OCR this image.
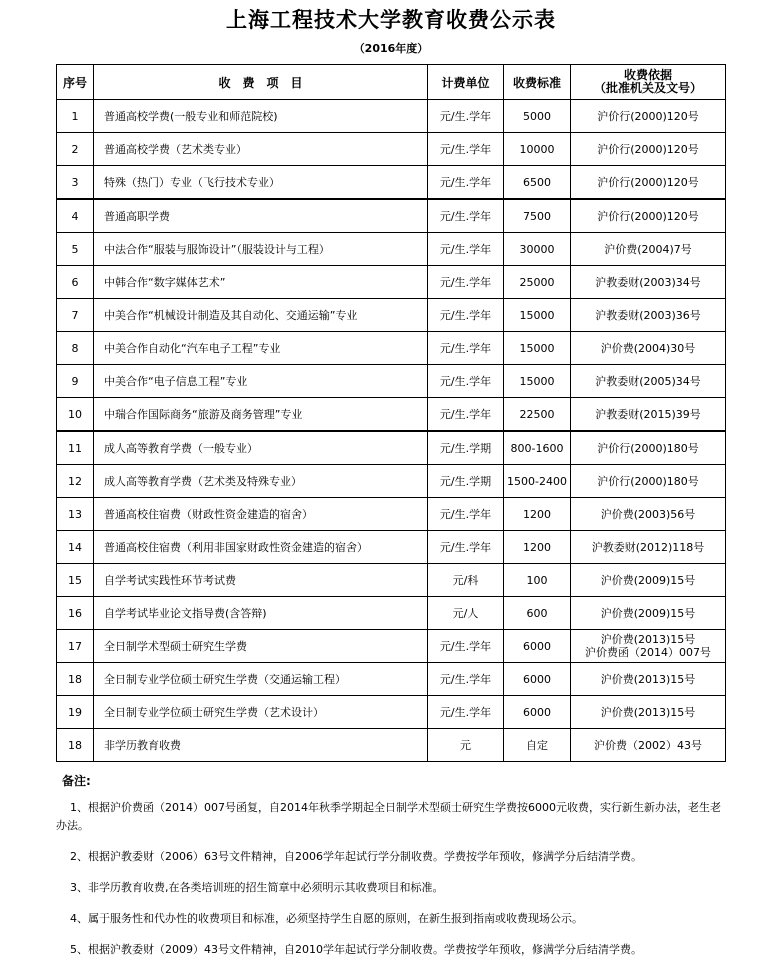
上海工程技术大学教育收费公示表
（2016年度）
序号	收　费　项　目	计费单位	收费标准	收费依据
（批准机关及文号）

1	普通高校学费(一般专业和师范院校)	元/生.学年	5000	沪价行(2000)120号

2	普通高校学费（艺术类专业）	元/生.学年	10000	沪价行(2000)120号

3	特殊（热门）专业（飞行技术专业）	元/生.学年	6500	沪价行(2000)120号

4	普通高职学费	元/生.学年	7500	沪价行(2000)120号

5	中法合作“服装与服饰设计”（服装设计与工程）	元/生.学年	30000	沪价费(2004)7号

6	中韩合作“数字媒体艺术”	元/生.学年	25000	沪教委财(2003)34号

7	中美合作“机械设计制造及其自动化、交通运输”专业	元/生.学年	15000	沪教委财(2003)36号

8	中美合作自动化“汽车电子工程”专业	元/生.学年	15000	沪价费(2004)30号

9	中美合作“电子信息工程”专业	元/生.学年	15000	沪教委财(2005)34号

10	中瑞合作国际商务“旅游及商务管理”专业	元/生.学年	22500	沪教委财(2015)39号

11	成人高等教育学费（一般专业）	元/生.学期	800-1600	沪价行(2000)180号

12	成人高等教育学费（艺术类及特殊专业）	元/生.学期	1500-2400	沪价行(2000)180号

13	普通高校住宿费（财政性资金建造的宿舍）	元/生.学年	1200	沪价费(2003)56号

14	普通高校住宿费（利用非国家财政性资金建造的宿舍）	元/生.学年	1200	沪教委财(2012)118号

15	自学考试实践性环节考试费	元/科	100	沪价费(2009)15号

16	自学考试毕业论文指导费(含答辩)	元/人	600	沪价费(2009)15号

17	全日制学术型硕士研究生学费	元/生.学年	6000	沪价费(2013)15号
沪价费函（2014）007号

18	全日制专业学位硕士研究生学费（交通运输工程）	元/生.学年	6000	沪价费(2013)15号

19	全日制专业学位硕士研究生学费（艺术设计）	元/生.学年	6000	沪价费(2013)15号

18	非学历教育收费	元	自定	沪价费（2002）43号
备注:

1、根据沪价费函（2014）007号函复，自2014年秋季学期起全日制学术型硕士研究生学费按6000元收费，实行新生新办法，老生老办法。

2、根据沪教委财（2006）63号文件精神，自2006学年起试行学分制收费。学费按学年预收，修满学分后结清学费。

3、非学历教育收费,在各类培训班的招生简章中必须明示其收费项目和标准。

4、属于服务性和代办性的收费项目和标准，必须坚持学生自愿的原则，在新生报到指南或收费现场公示。

5、根据沪教委财（2009）43号文件精神，自2010学年起试行学分制收费。学费按学年预收，修满学分后结清学费。
